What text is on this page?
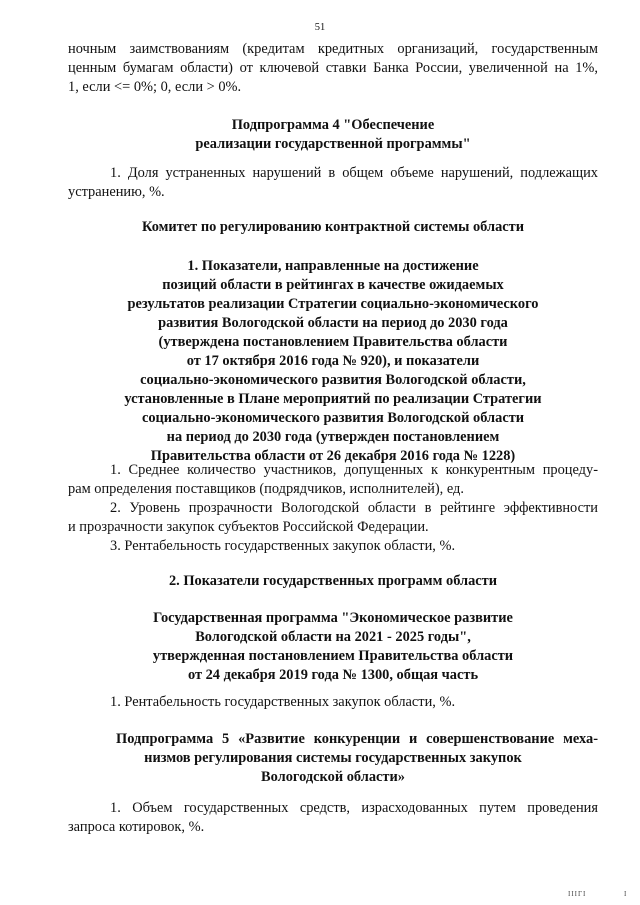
51
ночным заимствованиям (кредитам кредитных организаций, государственным
ценным бумагам области) от ключевой ставки Банка России, увеличенной на 1%,
1, если <= 0%; 0, если > 0%.
Подпрограмма 4 "Обеспечение
реализации государственной программы"
1. Доля устраненных нарушений в общем объеме нарушений, подлежащих
устранению, %.
Комитет по регулированию контрактной системы области
1. Показатели, направленные на достижение
позиций области в рейтингах в качестве ожидаемых
результатов реализации Стратегии социально-экономического
развития Вологодской области на период до 2030 года
(утверждена постановлением Правительства области
от 17 октября 2016 года № 920), и показатели
социально-экономического развития Вологодской области,
установленные в Плане мероприятий по реализации Стратегии
социально-экономического развития Вологодской области
на период до 2030 года (утвержден постановлением
Правительства области от 26 декабря 2016 года № 1228)
1. Среднее количество участников, допущенных к конкурентным процеду-
рам определения поставщиков (подрядчиков, исполнителей), ед.
2. Уровень прозрачности Вологодской области в рейтинге эффективности
и прозрачности закупок субъектов Российской Федерации.
3. Рентабельность государственных закупок области, %.
2. Показатели государственных программ области
Государственная программа "Экономическое развитие
Вологодской области на 2021 - 2025 годы",
утвержденная постановлением Правительства области
от 24 декабря 2019 года № 1300, общая часть
1. Рентабельность государственных закупок области, %.
Подпрограмма 5 «Развитие конкуренции и совершенствование меха-
низмов регулирования системы государственных закупок
Вологодской области»
1. Объем государственных средств, израсходованных путем проведения
запроса котировок, %.
ІІІГІ	І
